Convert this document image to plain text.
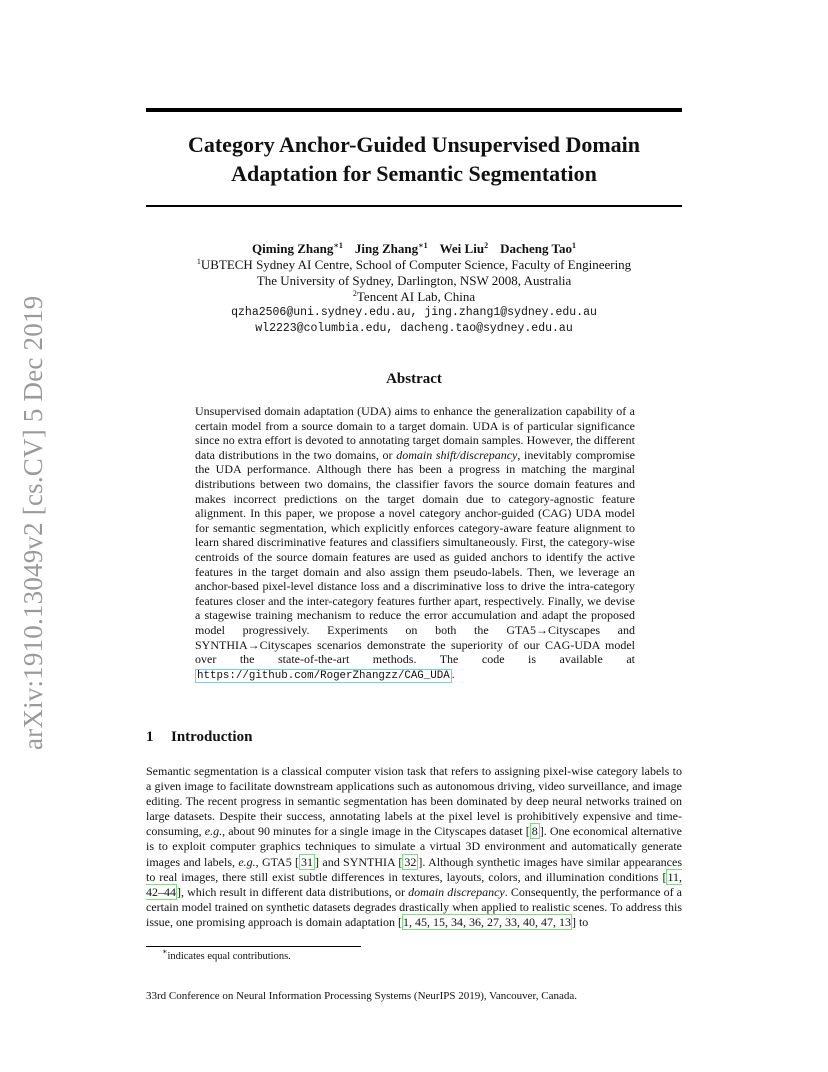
arXiv:1910.13049v2 [cs.CV] 5 Dec 2019
Category Anchor-Guided Unsupervised Domain
Adaptation for Semantic Segmentation
Qiming Zhang$^{∗1}$ Jing Zhang$^{∗1}$ Wei Liu$^2$ Dacheng Tao$^1$
$^1$UBTECH Sydney AI Centre, School of Computer Science, Faculty of Engineering
The University of Sydney, Darlington, NSW 2008, Australia
$^2$Tencent AI Lab, China
qzha2506@uni.sydney.edu.au, jing.zhang1@sydney.edu.au
wl2223@columbia.edu, dacheng.tao@sydney.edu.au
Abstract
Unsupervised domain adaptation (UDA) aims to enhance the generalization capability of a certain model from a source domain to a target domain. UDA is of particular significance since no extra effort is devoted to annotating target domain samples. However, the different data distributions in the two domains, or domain shift/discrepancy, inevitably compromise the UDA performance. Although there has been a progress in matching the marginal distributions between two domains, the classifier favors the source domain features and makes incorrect predictions on the target domain due to category-agnostic feature alignment. In this paper, we propose a novel category anchor-guided (CAG) UDA model for semantic segmentation, which explicitly enforces category-aware feature alignment to learn shared discriminative features and classifiers simultaneously. First, the category-wise centroids of the source domain features are used as guided anchors to identify the active features in the target domain and also assign them pseudo-labels. Then, we leverage an anchor-based pixel-level distance loss and a discriminative loss to drive the intra-category features closer and the inter-category features further apart, respectively. Finally, we devise a stagewise training mechanism to reduce the error accumulation and adapt the proposed model progressively. Experiments on both the GTA5→Cityscapes and SYNTHIA→Cityscapes scenarios demonstrate the superiority of our CAG-UDA model over the state-of-the-art methods. The code is available at https://github.com/RogerZhangzz/CAG_UDA .
1 Introduction
Semantic segmentation is a classical computer vision task that refers to assigning pixel-wise category labels to a given image to facilitate downstream applications such as autonomous driving, video surveillance, and image editing. The recent progress in semantic segmentation has been dominated by deep neural networks trained on large datasets. Despite their success, annotating labels at the pixel level is prohibitively expensive and time-consuming, e.g., about 90 minutes for a single image in the Cityscapes dataset [ 8 ]. One economical alternative is to exploit computer graphics techniques to simulate a virtual 3D environment and automatically generate images and labels, e.g., GTA5 [ 31 ] and SYNTHIA [ 32 ]. Although synthetic images have similar appearances to real images, there still exist subtle differences in textures, layouts, colors, and illumination conditions [11, 42–44], which result in different data distributions, or domain discrepancy. Consequently, the performance of a certain model trained on synthetic datasets degrades drastically when applied to realistic scenes. To address this issue, one promising approach is domain adaptation [1, 45, 15, 34, 36, 27, 33, 40, 47, 13] to
∗indicates equal contributions.
33rd Conference on Neural Information Processing Systems (NeurIPS 2019), Vancouver, Canada.
